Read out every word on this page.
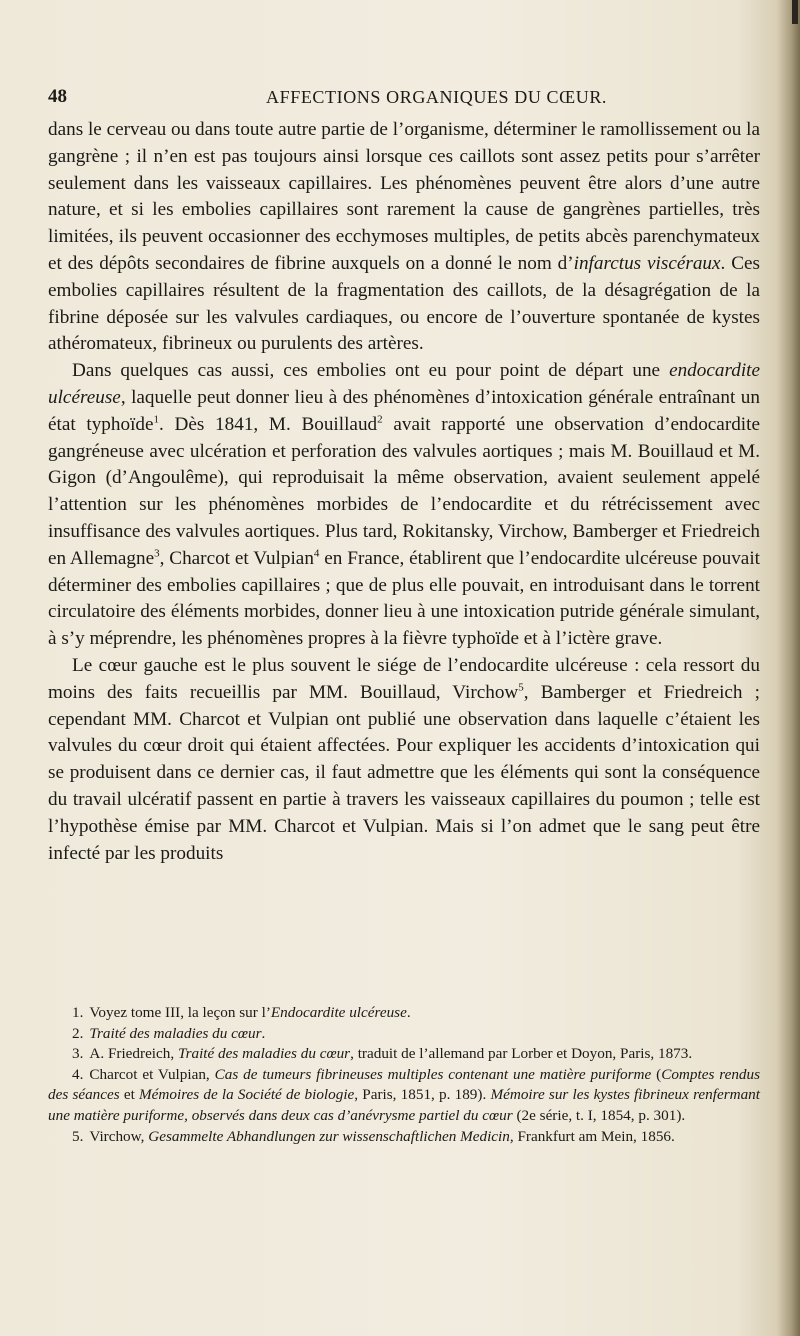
48	AFFECTIONS ORGANIQUES DU CŒUR.

dans le cerveau ou dans toute autre partie de l’organisme, déterminer le ramollissement ou la gangrène ; il n’en est pas toujours ainsi lorsque ces caillots sont assez petits pour s’arrêter seulement dans les vaisseaux capillaires. Les phénomènes peuvent être alors d’une autre nature, et si les embolies capillaires sont rarement la cause de gangrènes partielles, très limitées, ils peuvent occasionner des ecchymoses multiples, de petits abcès parenchymateux et des dépôts secondaires de fibrine auxquels on a donné le nom d’infarctus viscéraux. Ces embolies capillaires résultent de la fragmentation des caillots, de la désagrégation de la fibrine déposée sur les valvules cardiaques, ou encore de l’ouverture spontanée de kystes athéromateux, fibrineux ou purulents des artères.

Dans quelques cas aussi, ces embolies ont eu pour point de départ une endocardite ulcéreuse, laquelle peut donner lieu à des phénomènes d’intoxication générale entraînant un état typhoïde$^1$. Dès 1841, M. Bouillaud$^2$ avait rapporté une observation d’endocardite gangréneuse avec ulcération et perforation des valvules aortiques ; mais M. Bouillaud et M. Gigon (d’Angoulême), qui reproduisait la même observation, avaient seulement appelé l’attention sur les phénomènes morbides de l’endocardite et du rétrécissement avec insuffisance des valvules aortiques. Plus tard, Rokitansky, Virchow, Bamberger et Friedreich en Allemagne$^3$, Charcot et Vulpian$^4$ en France, établirent que l’endocardite ulcéreuse pouvait déterminer des embolies capillaires ; que de plus elle pouvait, en introduisant dans le torrent circulatoire des éléments morbides, donner lieu à une intoxication putride générale simulant, à s’y méprendre, les phénomènes propres à la fièvre typhoïde et à l’ictère grave.

Le cœur gauche est le plus souvent le siége de l’endocardite ulcéreuse : cela ressort du moins des faits recueillis par MM. Bouillaud, Virchow$^5$, Bamberger et Friedreich ; cependant MM. Charcot et Vulpian ont publié une observation dans laquelle c’étaient les valvules du cœur droit qui étaient affectées. Pour expliquer les accidents d’intoxication qui se produisent dans ce dernier cas, il faut admettre que les éléments qui sont la conséquence du travail ulcératif passent en partie à travers les vaisseaux capillaires du poumon ; telle est l’hypothèse émise par MM. Charcot et Vulpian. Mais si l’on admet que le sang peut être infecté par les produits

1. Voyez tome III, la leçon sur l’Endocardite ulcéreuse.

2. Traité des maladies du cœur.

3. A. Friedreich, Traité des maladies du cœur, traduit de l’allemand par Lorber et Doyon, Paris, 1873.

4. Charcot et Vulpian, Cas de tumeurs fibrineuses multiples contenant une matière puriforme (Comptes rendus des séances et Mémoires de la Société de biologie, Paris, 1851, p. 189). Mémoire sur les kystes fibrineux renfermant une matière puriforme, observés dans deux cas d’anévrysme partiel du cœur (2e série, t. I, 1854, p. 301).

5. Virchow, Gesammelte Abhandlungen zur wissenschaftlichen Medicin, Frankfurt am Mein, 1856.
